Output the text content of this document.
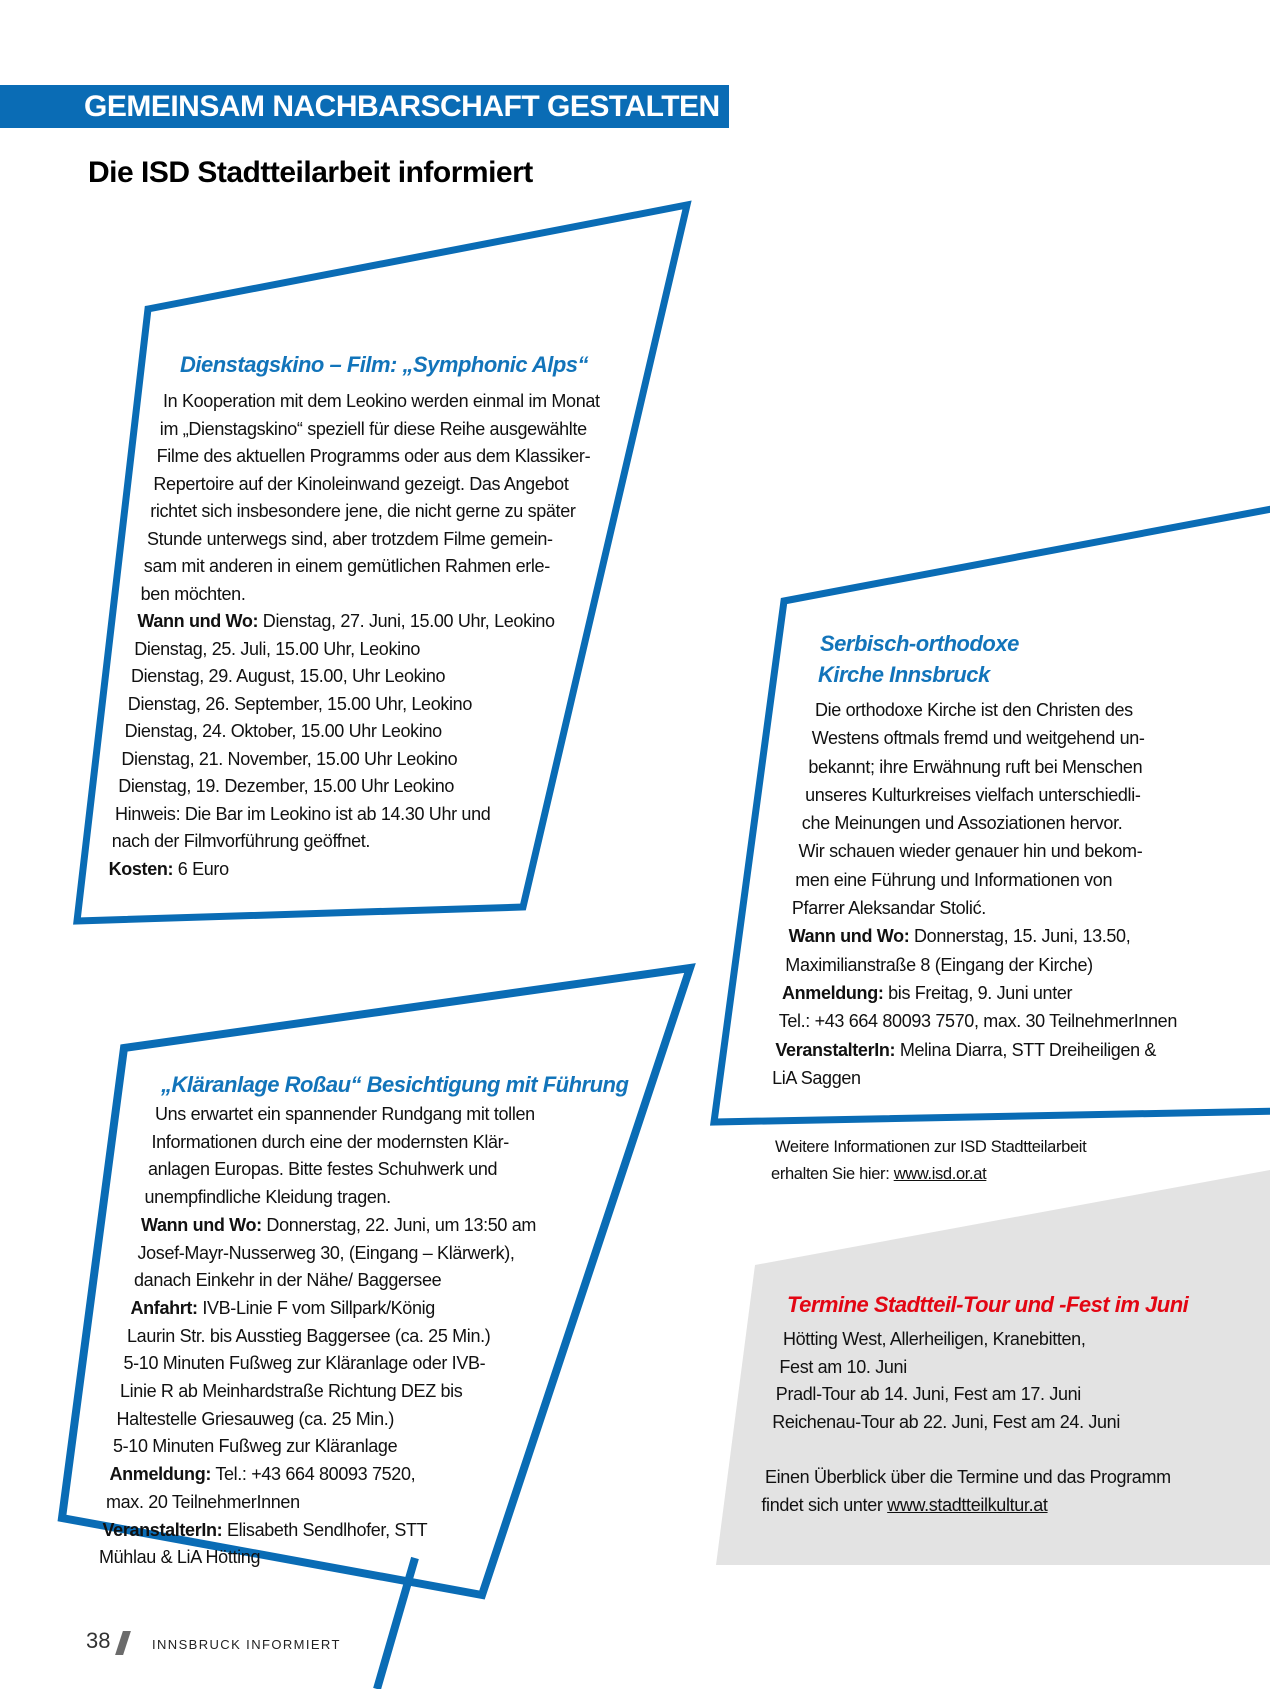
GEMEINSAM NACHBARSCHAFT GESTALTEN
Die ISD Stadtteilarbeit informiert
Dienstagskino – Film: „Symphonic Alps“
In Kooperation mit dem Leokino werden einmal im Monat
im „Dienstagskino“ speziell für diese Reihe ausgewählte
Filme des aktuellen Programms oder aus dem Klassiker-
Repertoire auf der Kinoleinwand gezeigt. Das Angebot
richtet sich insbesondere jene, die nicht gerne zu später
Stunde unterwegs sind, aber trotzdem Filme gemein-
sam mit anderen in einem gemütlichen Rahmen erle-
ben möchten.
Wann und Wo: Dienstag, 27. Juni, 15.00 Uhr, Leokino
Dienstag, 25. Juli, 15.00 Uhr, Leokino
Dienstag, 29. August, 15.00, Uhr Leokino
Dienstag, 26. September, 15.00 Uhr, Leokino
Dienstag, 24. Oktober, 15.00 Uhr Leokino
Dienstag, 21. November, 15.00 Uhr Leokino
Dienstag, 19. Dezember, 15.00 Uhr Leokino
Hinweis: Die Bar im Leokino ist ab 14.30 Uhr und
nach der Filmvorführung geöffnet.
Kosten: 6 Euro
Serbisch-orthodoxe
Kirche Innsbruck
Die orthodoxe Kirche ist den Christen des
Westens oftmals fremd und weitgehend un-
bekannt; ihre Erwähnung ruft bei Menschen
unseres Kulturkreises vielfach unterschiedli-
che Meinungen und Assoziationen hervor.
Wir schauen wieder genauer hin und bekom-
men eine Führung und Informationen von
Pfarrer Aleksandar Stolić.
Wann und Wo: Donnerstag, 15. Juni, 13.50,
Maximilianstraße 8 (Eingang der Kirche)
Anmeldung: bis Freitag, 9. Juni unter
Tel.: +43 664 80093 7570, max. 30 TeilnehmerInnen
VeranstalterIn: Melina Diarra, STT Dreiheiligen &
LiA Saggen
„Kläranlage Roßau“ Besichtigung mit Führung
Uns erwartet ein spannender Rundgang mit tollen
Informationen durch eine der modernsten Klär-
anlagen Europas. Bitte festes Schuhwerk und
unempfindliche Kleidung tragen.
Wann und Wo: Donnerstag, 22. Juni, um 13:50 am
Josef-Mayr-Nusserweg 30, (Eingang – Klärwerk),
danach Einkehr in der Nähe/ Baggersee
Anfahrt: IVB-Linie F vom Sillpark/König
Laurin Str. bis Ausstieg Baggersee (ca. 25 Min.)
5-10 Minuten Fußweg zur Kläranlage oder IVB-
Linie R ab Meinhardstraße Richtung DEZ bis
Haltestelle Griesauweg (ca. 25 Min.)
5-10 Minuten Fußweg zur Kläranlage
Anmeldung: Tel.: +43 664 80093 7520,
max. 20 TeilnehmerInnen
VeranstalterIn: Elisabeth Sendlhofer, STT
Mühlau & LiA Hötting
Weitere Informationen zur ISD Stadtteilarbeit
erhalten Sie hier: www.isd.or.at
Termine Stadtteil-Tour und -Fest im Juni
Hötting West, Allerheiligen, Kranebitten,
Fest am 10. Juni
Pradl-Tour ab 14. Juni, Fest am 17. Juni
Reichenau-Tour ab 22. Juni, Fest am 24. Juni

Einen Überblick über die Termine und das Programm
findet sich unter www.stadtteilkultur.at
38	INNSBRUCK INFORMIERT
